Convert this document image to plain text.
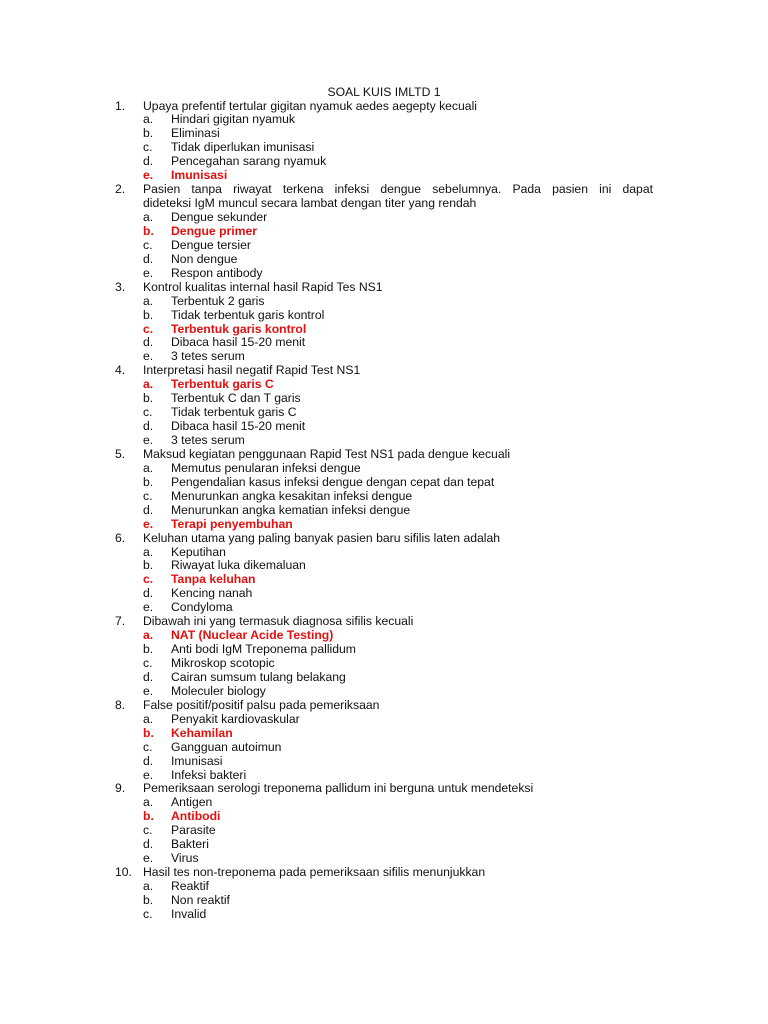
SOAL KUIS IMLTD 1
1. Upaya prefentif tertular gigitan nyamuk aedes aegepty kecuali
a. Hindari gigitan nyamuk
b. Eliminasi
c. Tidak diperlukan imunisasi
d. Pencegahan sarang nyamuk
e. Imunisasi
2. Pasien tanpa riwayat terkena infeksi dengue sebelumnya. Pada pasien ini dapat
dideteksi IgM muncul secara lambat dengan titer yang rendah
a. Dengue sekunder
b. Dengue primer
c. Dengue tersier
d. Non dengue
e. Respon antibody
3. Kontrol kualitas internal hasil Rapid Tes NS1
a. Terbentuk 2 garis
b. Tidak terbentuk garis kontrol
c. Terbentuk garis kontrol
d. Dibaca hasil 15-20 menit
e. 3 tetes serum
4. Interpretasi hasil negatif Rapid Test NS1
a. Terbentuk garis C
b. Terbentuk C dan T garis
c. Tidak terbentuk garis C
d. Dibaca hasil 15-20 menit
e. 3 tetes serum
5. Maksud kegiatan penggunaan Rapid Test NS1 pada dengue kecuali
a. Memutus penularan infeksi dengue
b. Pengendalian kasus infeksi dengue dengan cepat dan tepat
c. Menurunkan angka kesakitan infeksi dengue
d. Menurunkan angka kematian infeksi dengue
e. Terapi penyembuhan
6. Keluhan utama yang paling banyak pasien baru sifilis laten adalah
a. Keputihan
b. Riwayat luka dikemaluan
c. Tanpa keluhan
d. Kencing nanah
e. Condyloma
7. Dibawah ini yang termasuk diagnosa sifilis kecuali
a. NAT (Nuclear Acide Testing)
b. Anti bodi IgM Treponema pallidum
c. Mikroskop scotopic
d. Cairan sumsum tulang belakang
e. Moleculer biology
8. False positif/positif palsu pada pemeriksaan
a. Penyakit kardiovaskular
b. Kehamilan
c. Gangguan autoimun
d. Imunisasi
e. Infeksi bakteri
9. Pemeriksaan serologi treponema pallidum ini berguna untuk mendeteksi
a. Antigen
b. Antibodi
c. Parasite
d. Bakteri
e. Virus
10. Hasil tes non-treponema pada pemeriksaan sifilis menunjukkan
a. Reaktif
b. Non reaktif
c. Invalid
